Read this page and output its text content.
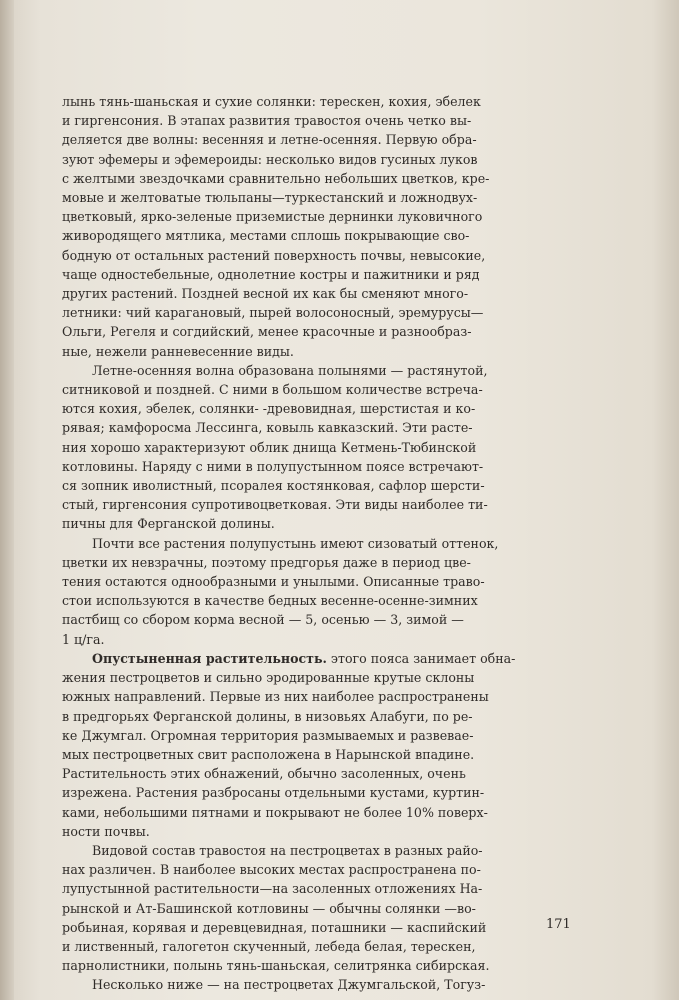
лынь тянь-шаньская и сухие солянки: терескен, кохия, эбелек
и гиргенсония. В этапах развития травостоя очень четко вы-
деляется две волны: весенняя и летне-осенняя. Первую обра-
зуют эфемеры и эфемероиды: несколько видов гусиных луков
с желтыми звездочками сравнительно небольших цветков, кре-
мовые и желтоватые тюльпаны—туркестанский и ложнодвух-
цветковый, ярко-зеленые приземистые дернинки луковичного
живородящего мятлика, местами сплошь покрывающие сво-
бодную от остальных растений поверхность почвы, невысокие,
чаще одностебельные, однолетние костры и пажитники и ряд
других растений. Поздней весной их как бы сменяют много-
летники: чий карагановый, пырей волосоносный, эремурусы—
Ольги, Регеля и согдийский, менее красочные и разнообраз-
ные, нежели ранневесенние виды.
Летне-осенняя волна образована полынями — растянутой,
ситниковой и поздней. С ними в большом количестве встреча-
ются кохия, эбелек, солянки- -древовидная, шерстистая и ко-
рявая; камфоросма Лессинга, ковыль кавказский. Эти расте-
ния хорошо характеризуют облик днища Кетмень-Тюбинской
котловины. Наряду с ними в полупустынном поясе встречают-
ся зопник иволистный, псоралея костянковая, сафлор шерсти-
стый, гиргенсония супротивоцветковая. Эти виды наиболее ти-
пичны для Ферганской долины.
Почти все растения полупустынь имеют сизоватый оттенок,
цветки их невзрачны, поэтому предгорья даже в период цве-
тения остаются однообразными и унылыми. Описанные траво-
стои используются в качестве бедных весенне-осенне-зимних
пастбищ со сбором корма весной — 5, осенью — 3, зимой —
1 ц/га.
Опустыненная растительность. этого пояса занимает обна-
жения пестроцветов и сильно эродированные крутые склоны
южных направлений. Первые из них наиболее распространены
в предгорьях Ферганской долины, в низовьях Алабуги, по ре-
ке Джумгал. Огромная территория размываемых и развевае-
мых пестроцветных свит расположена в Нарынской впадине.
Растительность этих обнажений, обычно засоленных, очень
изрежена. Растения разбросаны отдельными кустами, куртин-
ками, небольшими пятнами и покрывают не более 10% поверх-
ности почвы.
Видовой состав травостоя на пестроцветах в разных райо-
нах различен. В наиболее высоких местах распространена по-
лупустынной растительности—на засоленных отложениях На-
рынской и Ат-Башинской котловины — обычны солянки —во-
робьиная, корявая и деревцевидная, поташники — каспийский
и лиственный, галогетон скученный, лебеда белая, терескен,
парнолистники, полынь тянь-шаньская, селитрянка сибирская.
Несколько ниже — на пестроцветах Джумгальской, Тогуз-
171
